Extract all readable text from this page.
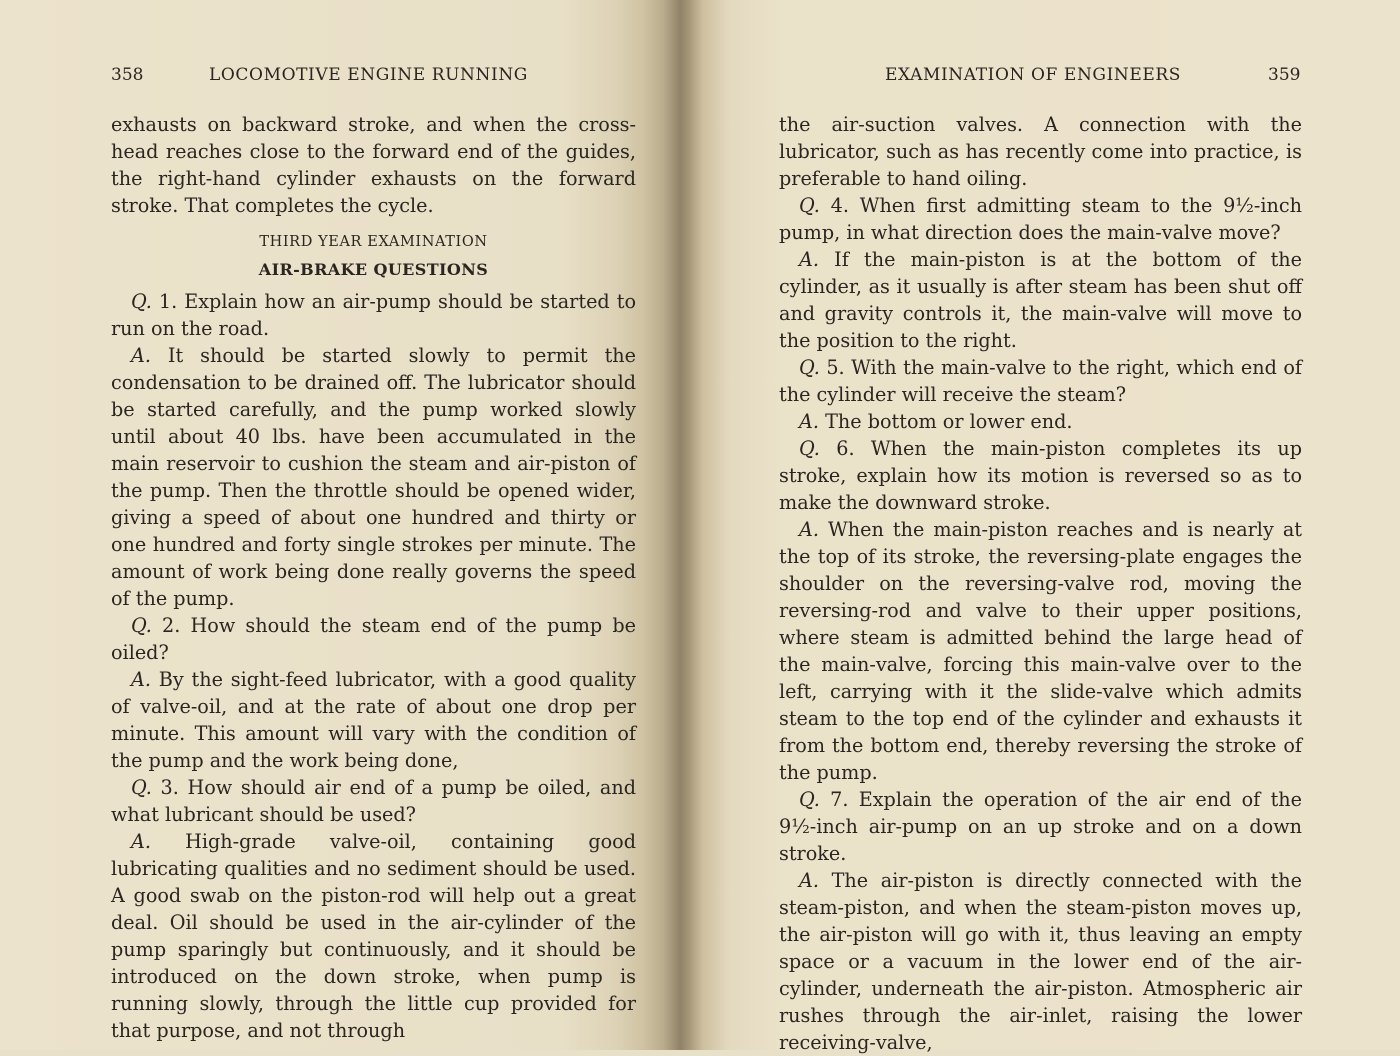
358	LOCOMOTIVE ENGINE RUNNING

exhausts on backward stroke, and when the cross-head reaches close to the forward end of the guides, the right-hand cylinder exhausts on the forward stroke. That completes the cycle.

THIRD YEAR EXAMINATION
AIR-BRAKE QUESTIONS

Q. 1. Explain how an air-pump should be started to run on the road.

A. It should be started slowly to permit the condensation to be drained off. The lubricator should be started carefully, and the pump worked slowly until about 40 lbs. have been accumulated in the main reservoir to cushion the steam and air-piston of the pump. Then the throttle should be opened wider, giving a speed of about one hundred and thirty or one hundred and forty single strokes per minute. The amount of work being done really governs the speed of the pump.

Q. 2. How should the steam end of the pump be oiled?

A. By the sight-feed lubricator, with a good quality of valve-oil, and at the rate of about one drop per minute. This amount will vary with the condition of the pump and the work being done,

Q. 3. How should air end of a pump be oiled, and what lubricant should be used?

A. High-grade valve-oil, containing good lubricating qualities and no sediment should be used. A good swab on the piston-rod will help out a great deal. Oil should be used in the air-cylinder of the pump sparingly but continuously, and it should be introduced on the down stroke, when pump is running slowly, through the little cup provided for that purpose, and not through

EXAMINATION OF ENGINEERS	359

the air-suction valves. A connection with the lubricator, such as has recently come into practice, is preferable to hand oiling.

Q. 4. When first admitting steam to the 9½-inch pump, in what direction does the main-valve move?

A. If the main-piston is at the bottom of the cylinder, as it usually is after steam has been shut off and gravity controls it, the main-valve will move to the position to the right.

Q. 5. With the main-valve to the right, which end of the cylinder will receive the steam?

A. The bottom or lower end.

Q. 6. When the main-piston completes its up stroke, explain how its motion is reversed so as to make the downward stroke.

A. When the main-piston reaches and is nearly at the top of its stroke, the reversing-plate engages the shoulder on the reversing-valve rod, moving the reversing-rod and valve to their upper positions, where steam is admitted behind the large head of the main-valve, forcing this main-valve over to the left, carrying with it the slide-valve which admits steam to the top end of the cylinder and exhausts it from the bottom end, thereby reversing the stroke of the pump.

Q. 7. Explain the operation of the air end of the 9½-inch air-pump on an up stroke and on a down stroke.

A. The air-piston is directly connected with the steam-piston, and when the steam-piston moves up, the air-piston will go with it, thus leaving an empty space or a vacuum in the lower end of the air-cylinder, underneath the air-piston. Atmospheric air rushes through the air-inlet, raising the lower receiving-valve,
